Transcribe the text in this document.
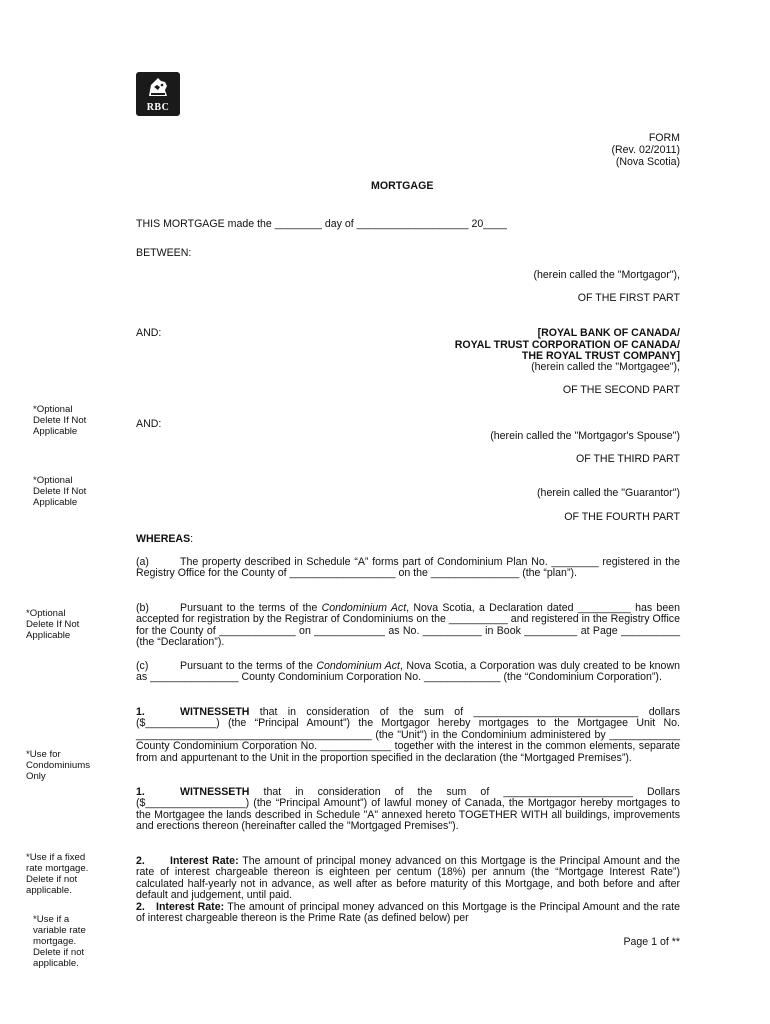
RBC
FORM
(Rev. 02/2011)
(Nova Scotia)
MORTGAGE
THIS MORTGAGE made the ________ day of ___________________ 20____
BETWEEN:
(herein called the "Mortgagor"),
OF THE FIRST PART
AND:	[ROYAL BANK OF CANADA/
ROYAL TRUST CORPORATION OF CANADA/
THE ROYAL TRUST COMPANY]
(herein called the "Mortgagee"),
OF THE SECOND PART
*Optional
Delete If Not
Applicable
AND:
(herein called the "Mortgagor's Spouse")
OF THE THIRD PART
*Optional
Delete If Not
Applicable
(herein called the "Guarantor")
OF THE FOURTH PART
WHEREAS:
(a)	The property described in Schedule “A” forms part of Condominium Plan No. ________ registered in the Registry Office for the County of __________________ on the _______________ (the “plan”).
*Optional
Delete If Not
Applicable
(b)	Pursuant to the terms of the Condominium Act, Nova Scotia, a Declaration dated _________ has been accepted for registration by the Registrar of Condominiums on the __________ and registered in the Registry Office for the County of _____________ on ____________ as No. __________ in Book _________ at Page __________ (the “Declaration”).
(c)	Pursuant to the terms of the Condominium Act, Nova Scotia, a Corporation was duly created to be known as _______________ County Condominium Corporation No. _____________ (the “Condominium Corporation”).
1.	WITNESSETH that in consideration of the sum of ____________________________ dollars ($____________) (the “Principal Amount”) the Mortgagor hereby mortgages to the Mortgagee Unit No. ________________________________________ (the "Unit") in the Condominium administered by ____________ County Condominium Corporation No. ____________ together with the interest in the common elements, separate from and appurtenant to the Unit in the proportion specified in the declaration (the “Mortgaged Premises”).
*Use for
Condominiums
Only
1.	WITNESSETH that in consideration of the sum of ______________________ Dollars ($_________________) (the “Principal Amount”) of lawful money of Canada, the Mortgagor hereby mortgages to the Mortgagee the lands described in Schedule "A" annexed hereto TOGETHER WITH all buildings, improvements and erections thereon (hereinafter called the "Mortgaged Premises").
*Use if a fixed
rate mortgage.
Delete if not
applicable.
2. Interest Rate: The amount of principal money advanced on this Mortgage is the Principal Amount and the rate of interest chargeable thereon is eighteen per centum (18%) per annum (the “Mortgage Interest Rate”) calculated half-yearly not in advance, as well after as before maturity of this Mortgage, and both before and after default and judgement, until paid.
2. Interest Rate: The amount of principal money advanced on this Mortgage is the Principal Amount and the rate of interest chargeable thereon is the Prime Rate (as defined below) per
*Use if a
variable rate
mortgage.
Delete if not
applicable.
Page 1 of **
